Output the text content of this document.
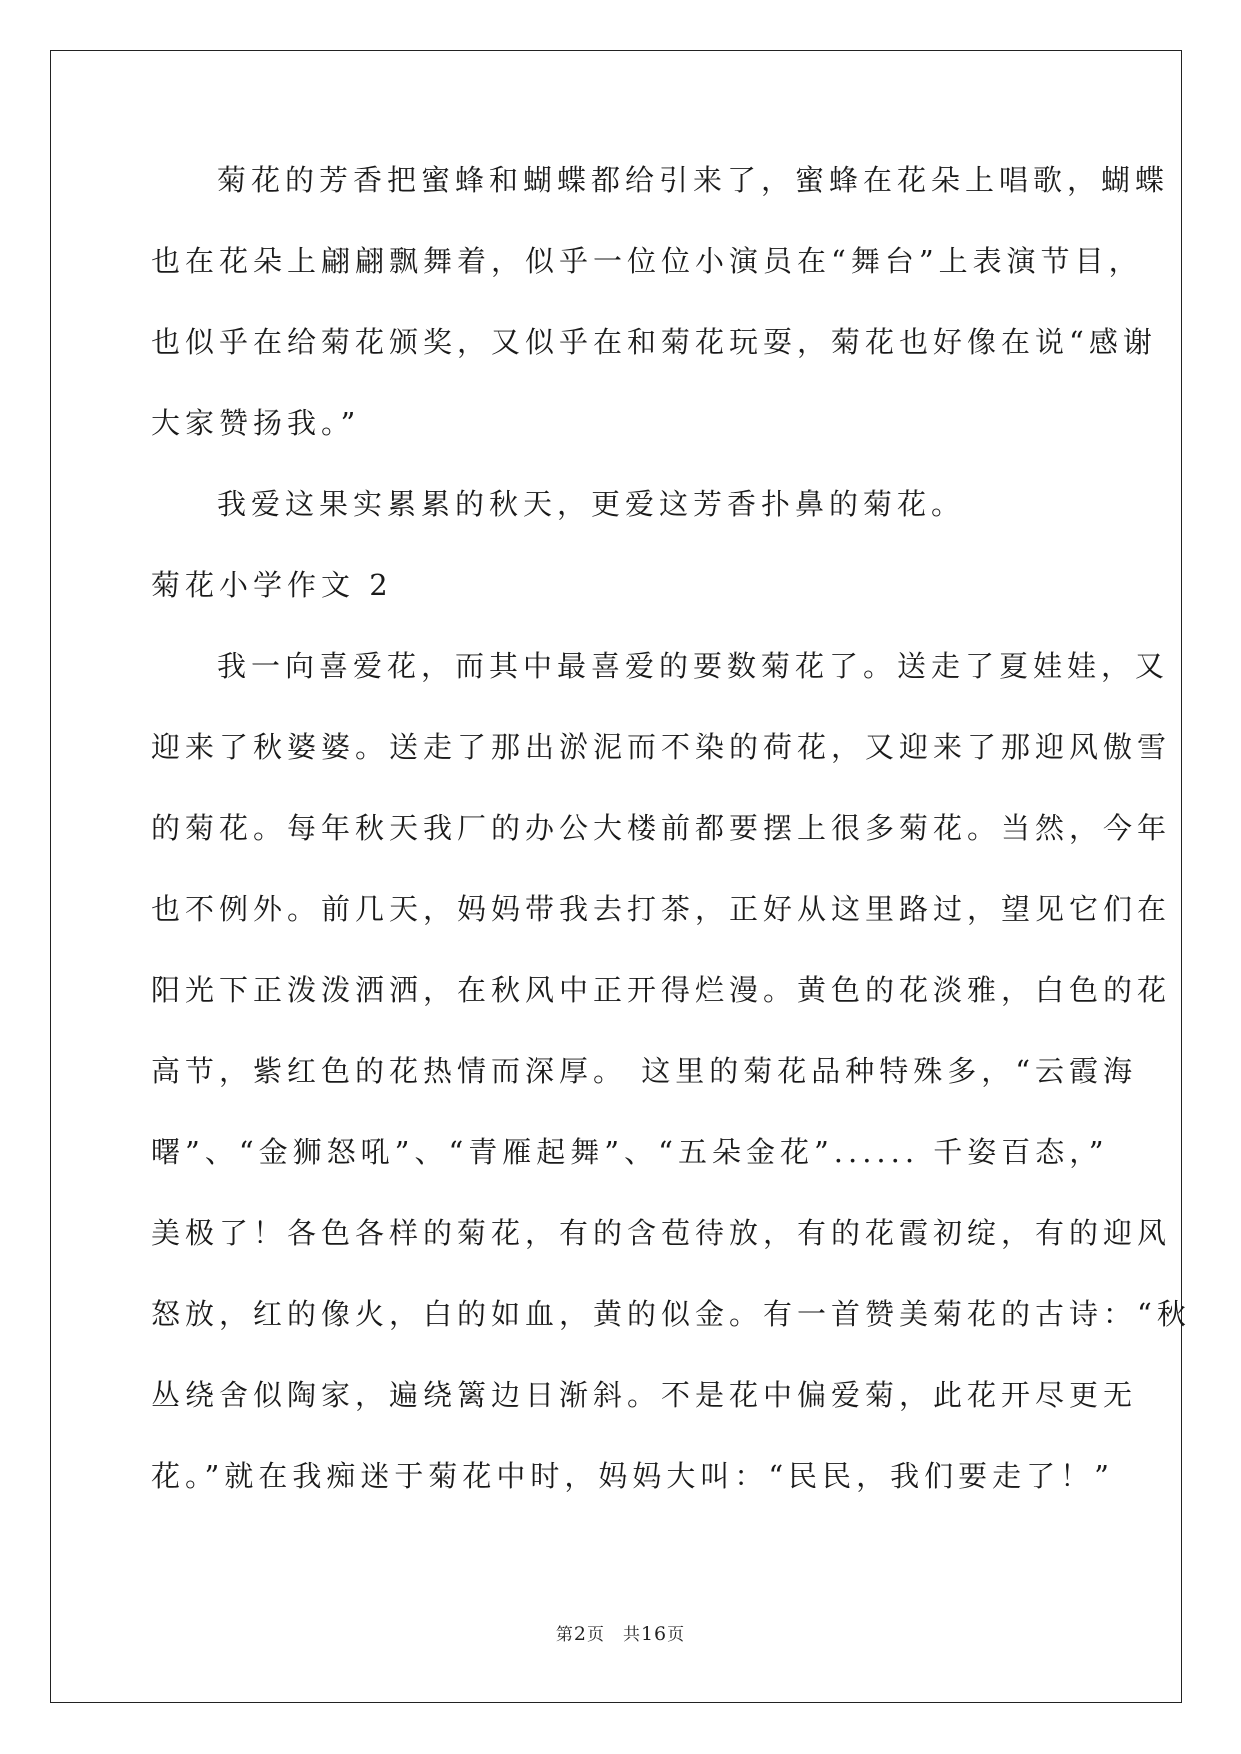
菊花的芳香把蜜蜂和蝴蝶都给引来了，蜜蜂在花朵上唱歌，蝴蝶
也在花朵上翩翩飘舞着，似乎一位位小演员在“舞台”上表演节目，
也似乎在给菊花颁奖，又似乎在和菊花玩耍，菊花也好像在说“感谢
大家赞扬我。”
我爱这果实累累的秋天，更爱这芳香扑鼻的菊花。
菊花小学作文 2
我一向喜爱花，而其中最喜爱的要数菊花了。送走了夏娃娃，又
迎来了秋婆婆。送走了那出淤泥而不染的荷花，又迎来了那迎风傲雪
的菊花。每年秋天我厂的办公大楼前都要摆上很多菊花。当然，今年
也不例外。前几天，妈妈带我去打茶，正好从这里路过，望见它们在
阳光下正泼泼洒洒，在秋风中正开得烂漫。黄色的花淡雅，白色的花
高节，紫红色的花热情而深厚。 这里的菊花品种特殊多，“云霞海
曙”、“金狮怒吼”、“青雁起舞”、“五朵金花”...... 千姿百态，”
美极了！各色各样的菊花，有的含苞待放，有的花霞初绽，有的迎风
怒放，红的像火，白的如血，黄的似金。有一首赞美菊花的古诗：“秋
丛绕舍似陶家，遍绕篱边日渐斜。不是花中偏爱菊，此花开尽更无
花。”就在我痴迷于菊花中时，妈妈大叫：“民民，我们要走了！”
第2页 共16页
